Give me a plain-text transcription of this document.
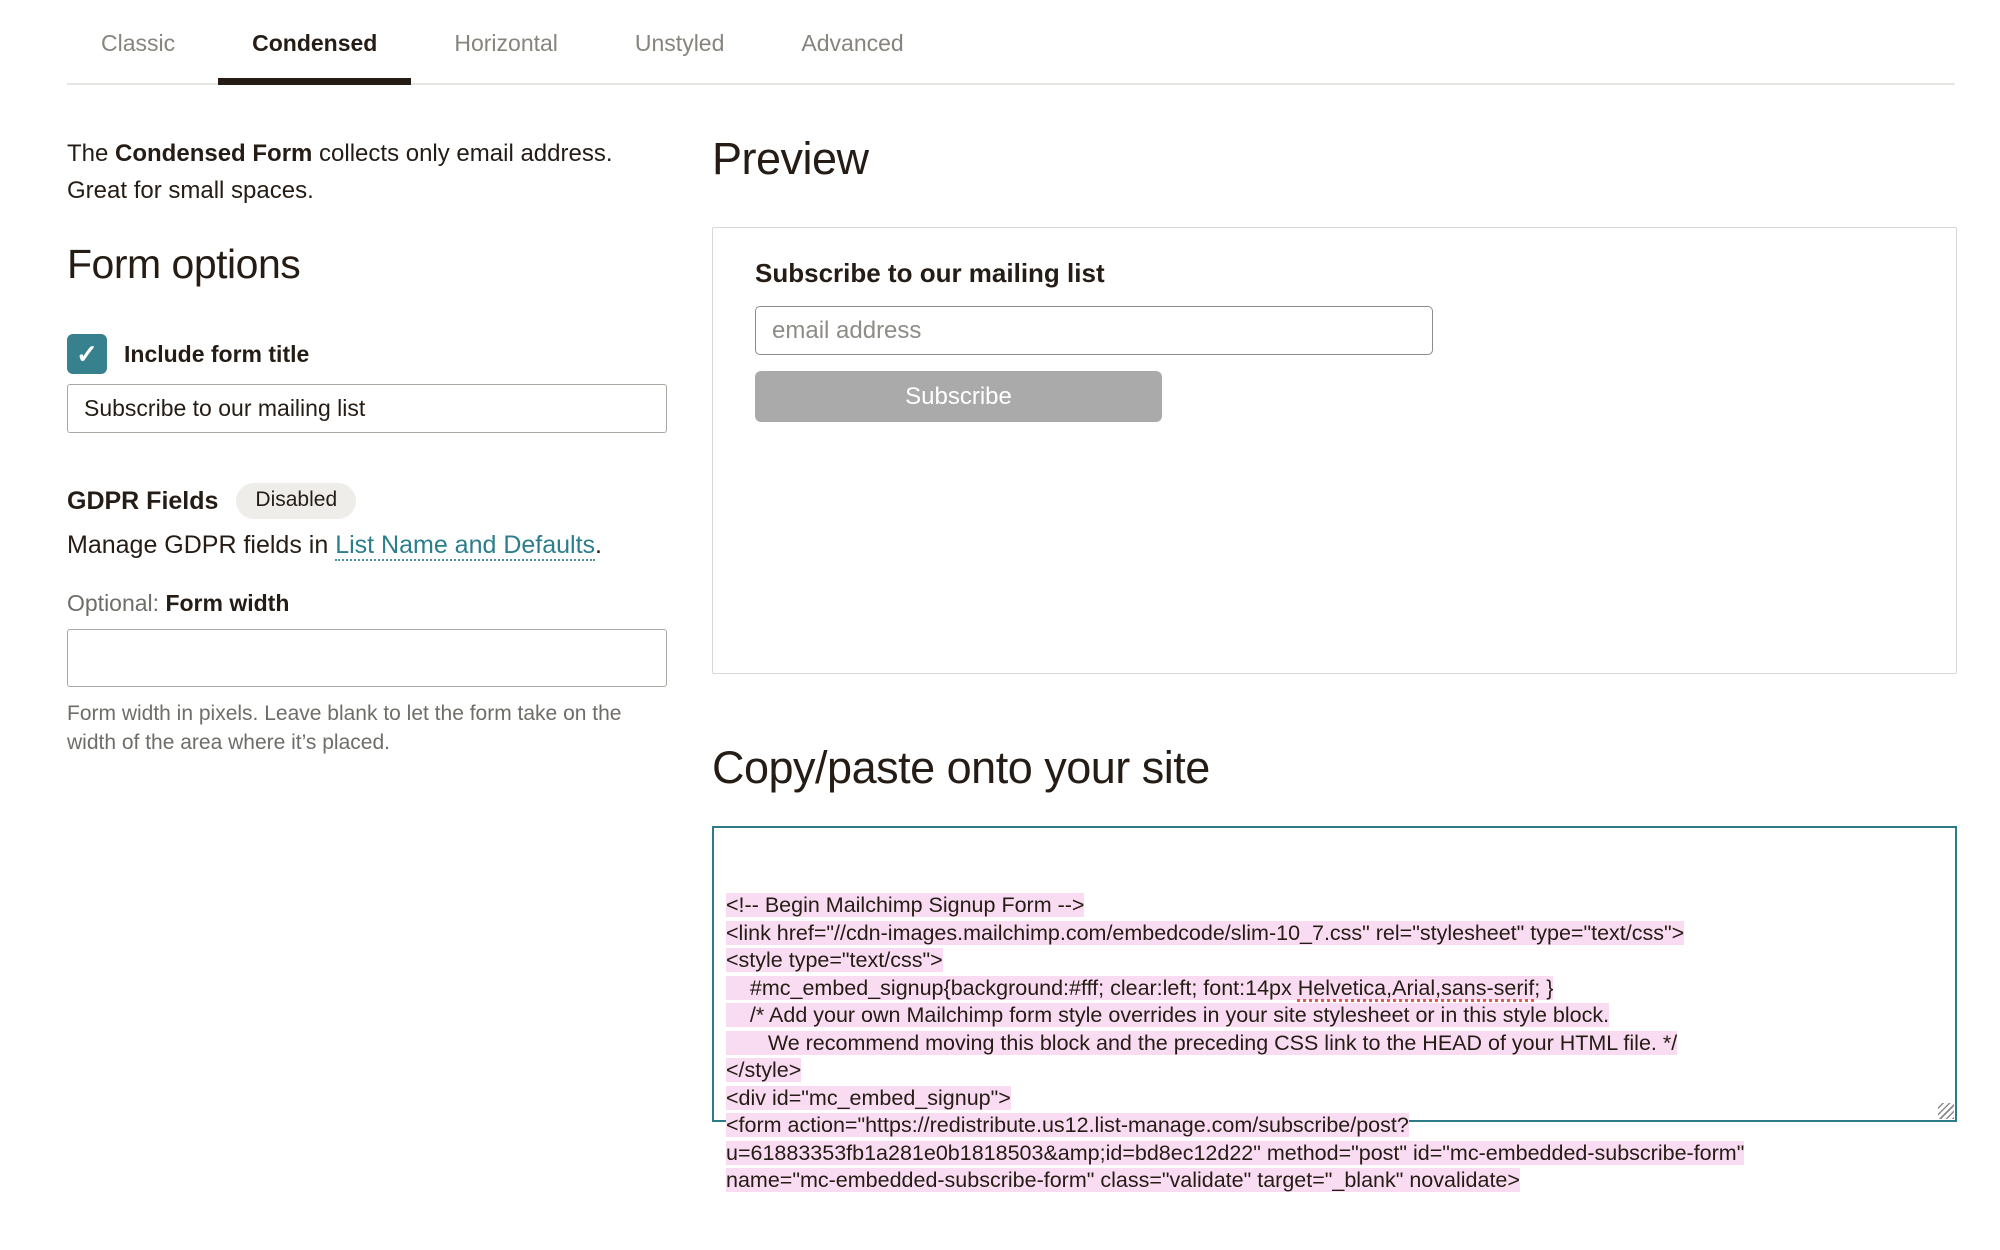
Classic	Condensed	Horizontal	Unstyled	Advanced
The Condensed Form collects only email address.
Great for small spaces.
Form options
✓ Include form title
Subscribe to our mailing list
GDPR Fields	Disabled
Manage GDPR fields in List Name and Defaults.
Optional: Form width

Form width in pixels. Leave blank to let the form take on the width of the area where it’s placed.

Preview
Subscribe to our mailing list
email address Subscribe
Copy/paste onto your site

<!-- Begin Mailchimp Signup Form -->
<link href="//cdn-images.mailchimp.com/embedcode/slim-10_7.css" rel="stylesheet" type="text/css">
<style type="text/css">
#mc_embed_signup{background:#fff; clear:left; font:14px Helvetica,Arial,sans-serif; }
/* Add your own Mailchimp form style overrides in your site stylesheet or in this style block.
We recommend moving this block and the preceding CSS link to the HEAD of your HTML file. */
</style>
<div id="mc_embed_signup">
<form action="https://redistribute.us12.list-manage.com/subscribe/post?
u=61883353fb1a281e0b1818503&amp;id=bd8ec12d22" method="post" id="mc-embedded-subscribe-form"
name="mc-embedded-subscribe-form" class="validate" target="_blank" novalidate>
